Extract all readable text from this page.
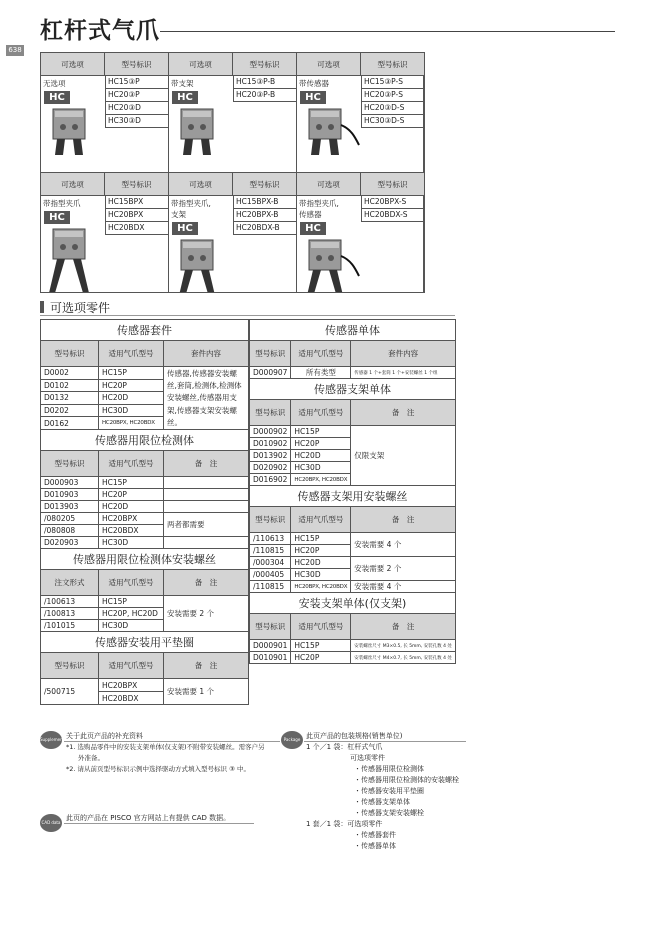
杠杆式气爪
638
可选项	型号标识
无选项	HC15③P
HC20③P
HC20③D
HC30③D
HC
可选项	型号标识
带支架	HC15③P-B
HC20③P-B
HC
可选项	型号标识
带传感器	HC15③P-S
HC20③P-S
HC20③D-S
HC30③D-S
HC
可选项	型号标识
带指型夹爪	HC15BPX
HC20BPX
HC20BDX
HC
可选项	型号标识
带指型夹爪,
支架
HC15BPX-B
HC20BPX-B
HC20BDX-B
HC
可选项	型号标识
带指型夹爪,
传感器
HC20BPX-S
HC20BDX-S
HC
可选项零件
传感器套件		
型号标识	适用气爪型号	套件内容
D0002	HC15P	传感器,传感器安装螺丝,套筒,检测体,检测体安装螺丝,传感器用支架,传感器支架安装螺丝。
D0102	HC20P	
D0132	HC20D	
D0202	HC30D	
D0162	HC20BPX, HC20BDX	
传感器用限位检测体		
型号标识	适用气爪型号	备　注
D000903	HC15P	
D010903	HC20P	
D013903	HC20D	
/080205	HC20BPX	两者都需要
/080808	HC20BDX	
D020903	HC30D	
传感器用限位检测体安装螺丝		
注文形式	适用气爪型号	备　注
/100613	HC15P	安装需要 2 个
/100813	HC20P, HC20D	
/101015	HC30D	
传感器安装用平垫圈		
型号标识	适用气爪型号	备　注
/500715	HC20BPX	安装需要 1 个
	HC20BDX	
传感器单体		
型号标识	适用气爪型号	套件内容
D000907	所有类型	传感器 1 个+套筒 1 个+安装螺丝 1 个组
传感器支架单体		
型号标识	适用气爪型号	备　注
D000902	HC15P	仅限支架
D010902	HC20P	
D013902	HC20D	
D020902	HC30D	
D016902	HC20BPX, HC20BDX	
传感器支架用安装螺丝		
型号标识	适用气爪型号	备　注
/110613	HC15P	安装需要 4 个
/110815	HC20P	
/000304	HC20D	安装需要 2 个
/000405	HC30D	
/110815	HC20BPX, HC20BDX	安装需要 4 个
安装支架单体(仅支架)		
型号标识	适用气爪型号	备　注
D000901	HC15P	安装螺丝尺寸 M3×0.5, 长 5mm, 安装孔数 4 处
D010901	HC20P	安装螺丝尺寸 M4×0.7, 长 5mm, 安装孔数 4 处
Supplement 关于此页产品的补充资料
*1. 选购品零件中的安装支架单体(仅支架)不附带安装螺丝。需客户另
外准备。
*2. 请从前页型号标识示例中选择驱动方式填入型号标识 ③ 中。
Package 此页产品的包装规格(销售单位)
1 个／1 袋：杠杆式气爪
可选项零件
・传感器用限位检测体
・传感器用限位检测体的安装螺栓
・传感器安装用平垫圈
・传感器支架单体
・传感器支架安装螺栓
1 套／1 袋：可选项零件
・传感器套件
・传感器单体
CAD data
此页的产品在 PISCO 官方网站上有提供 CAD 数据。
